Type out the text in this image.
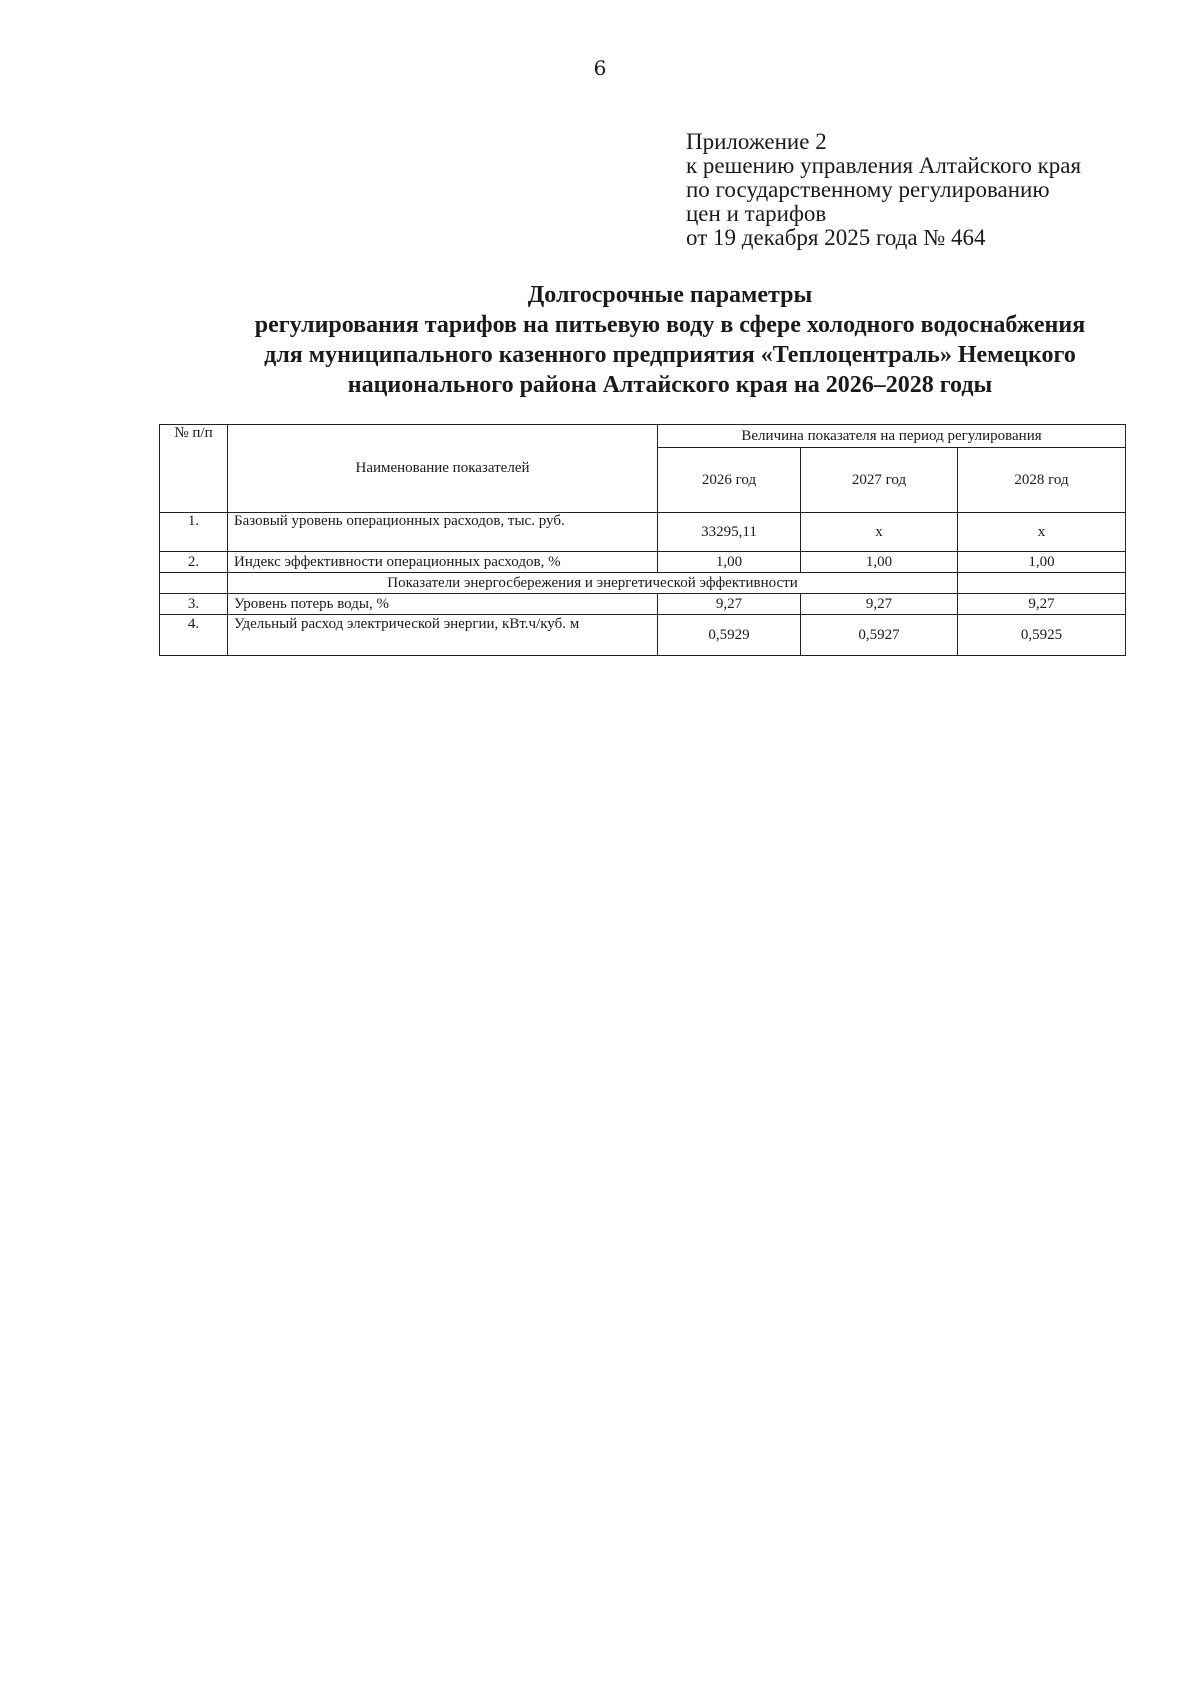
6
Приложение 2
к решению управления Алтайского края
по государственному регулированию
цен и тарифов
от 19 декабря 2025 года № 464
Долгосрочные параметры
регулирования тарифов на питьевую воду в сфере холодного водоснабжения
для муниципального казенного предприятия «Теплоцентраль» Немецкого
национального района Алтайского края на 2026–2028 годы
№ п/п	Наименование показателей	Величина показателя на период регулирования		
		2026 год	2027 год	2028 год
1.	Базовый уровень операционных расходов, тыс. руб.	33295,11	х	х
2.	Индекс эффективности операционных расходов, %	1,00	1,00	1,00
	Показатели энергосбережения и энергетической эффективности			
3.	Уровень потерь воды, %	9,27	9,27	9,27
4.	Удельный расход электрической энергии, кВт.ч/куб. м	0,5929	0,5927	0,5925
